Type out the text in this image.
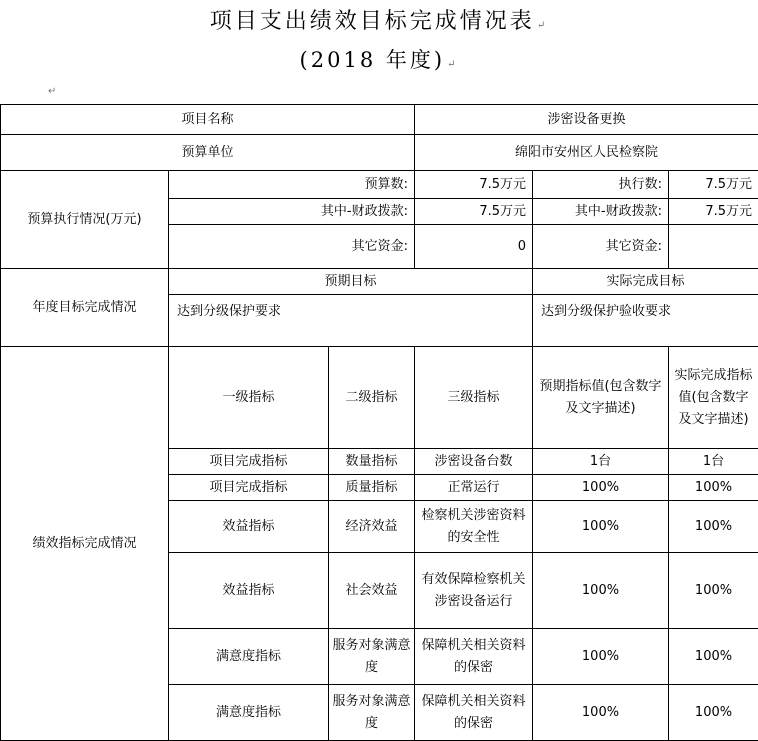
项目支出绩效目标完成情况表 ↵
(2018 年度) ↵
↵
项目名称			涉密设备更换		
预算单位			绵阳市安州区人民检察院		
预算执行情况(万元)	预算数:		7.5万元	执行数:	7.5万元
	其中-财政拨款:		7.5万元	其中-财政拨款:	7.5万元
	其它资金:		0	其它资金:	
年度目标完成情况	预期目标			实际完成目标	
	达到分级保护要求			达到分级保护验收要求	
绩效指标完成情况	一级指标	二级指标	三级指标	预期指标值(包含数字及文字描述)	实际完成指标值(包含数字及文字描述)
	项目完成指标	数量指标	涉密设备台数	1台	1台
	项目完成指标	质量指标	正常运行	100%	100%
	效益指标	经济效益	检察机关涉密资料的安全性	100%	100%
	效益指标	社会效益	有效保障检察机关涉密设备运行	100%	100%
	满意度指标	服务对象满意度	保障机关相关资料的保密	100%	100%
	满意度指标	服务对象满意度	保障机关相关资料的保密	100%	100%
